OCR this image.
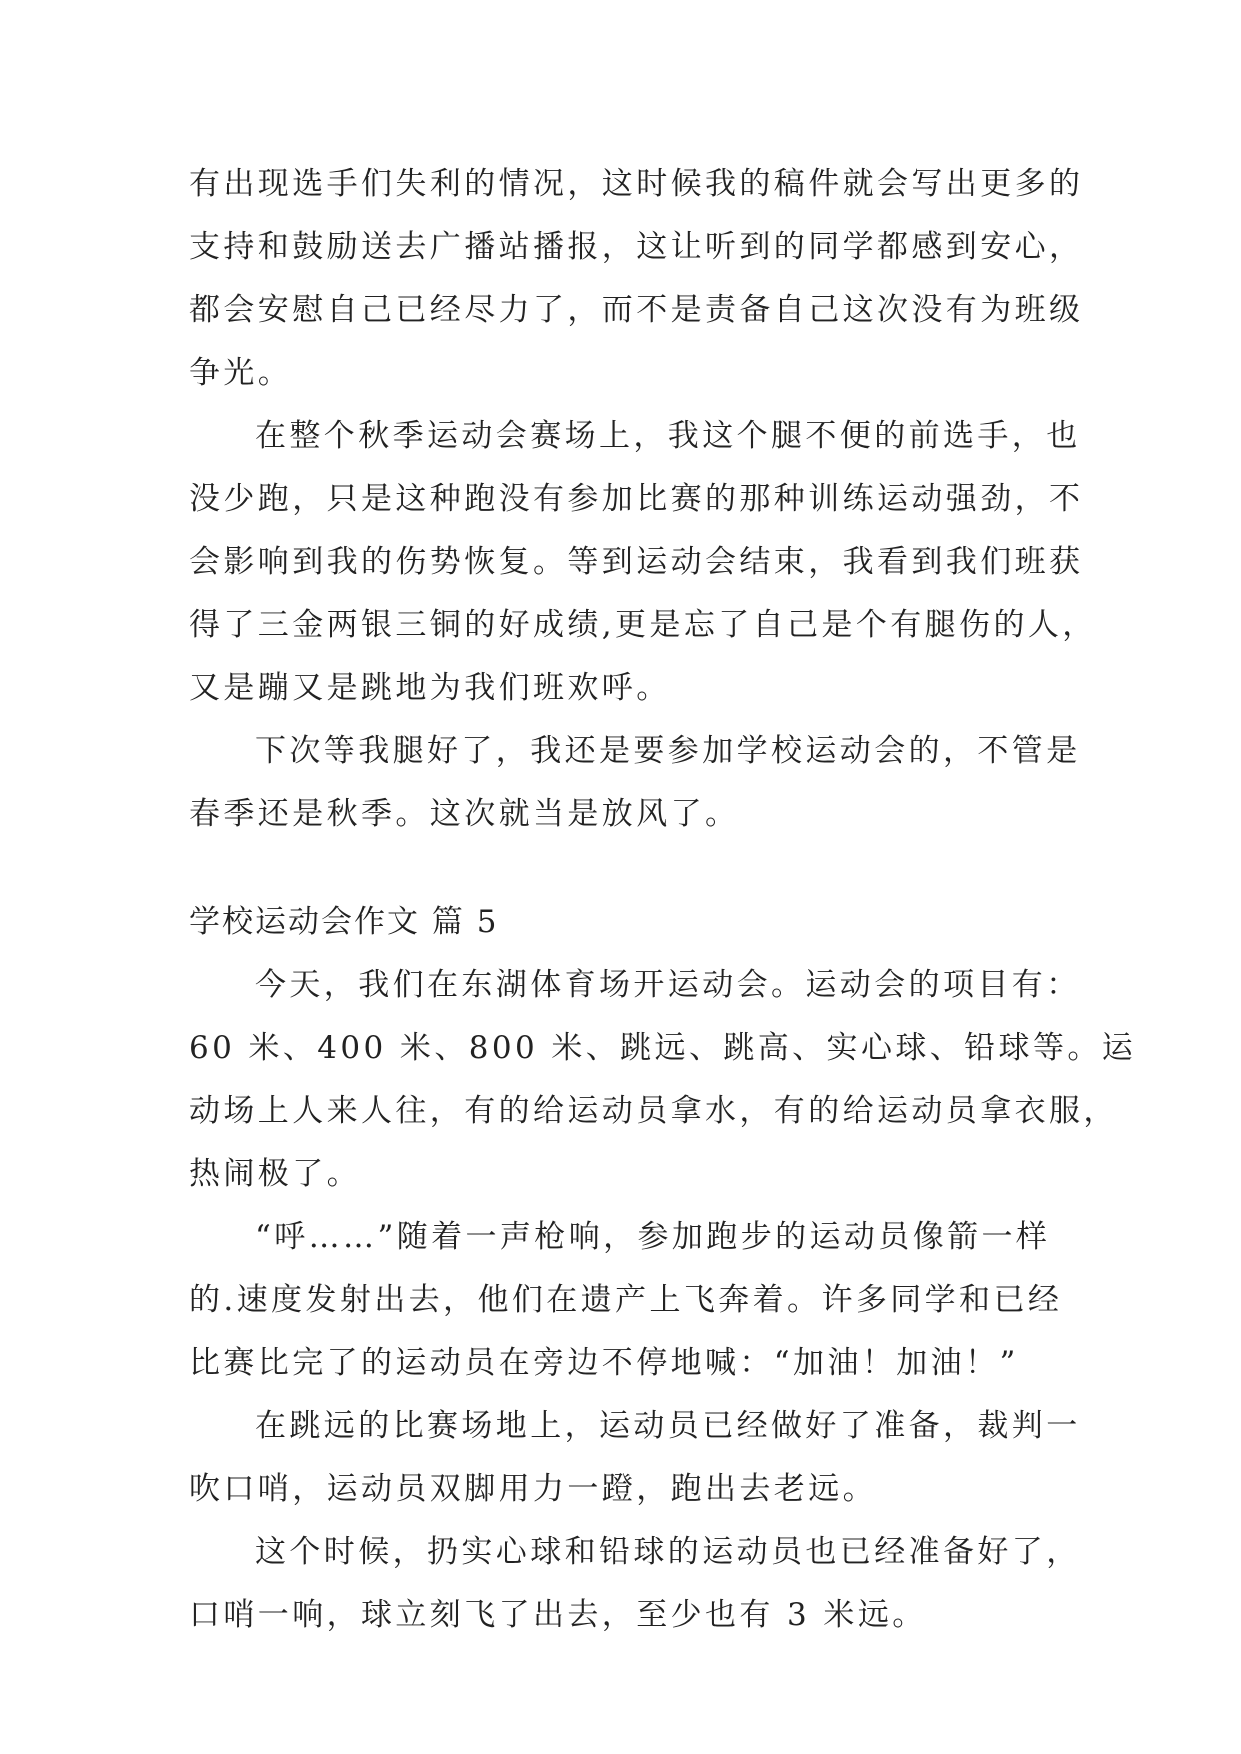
有出现选手们失利的情况，这时候我的稿件就会写出更多的
支持和鼓励送去广播站播报，这让听到的同学都感到安心，
都会安慰自己已经尽力了，而不是责备自己这次没有为班级
争光。
在整个秋季运动会赛场上，我这个腿不便的前选手，也
没少跑，只是这种跑没有参加比赛的那种训练运动强劲，不
会影响到我的伤势恢复。等到运动会结束，我看到我们班获
得了三金两银三铜的好成绩,更是忘了自己是个有腿伤的人，
又是蹦又是跳地为我们班欢呼。
下次等我腿好了，我还是要参加学校运动会的，不管是
春季还是秋季。这次就当是放风了。
学校运动会作文 篇 5
今天，我们在东湖体育场开运动会。运动会的项目有：
60 米、400 米、800 米、跳远、跳高、实心球、铅球等。运
动场上人来人往，有的给运动员拿水，有的给运动员拿衣服，
热闹极了。
“呼……”随着一声枪响，参加跑步的运动员像箭一样
的.速度发射出去，他们在遗产上飞奔着。许多同学和已经
比赛比完了的运动员在旁边不停地喊：“加油！加油！”
在跳远的比赛场地上，运动员已经做好了准备，裁判一
吹口哨，运动员双脚用力一蹬，跑出去老远。
这个时候，扔实心球和铅球的运动员也已经准备好了，
口哨一响，球立刻飞了出去，至少也有 3 米远。
